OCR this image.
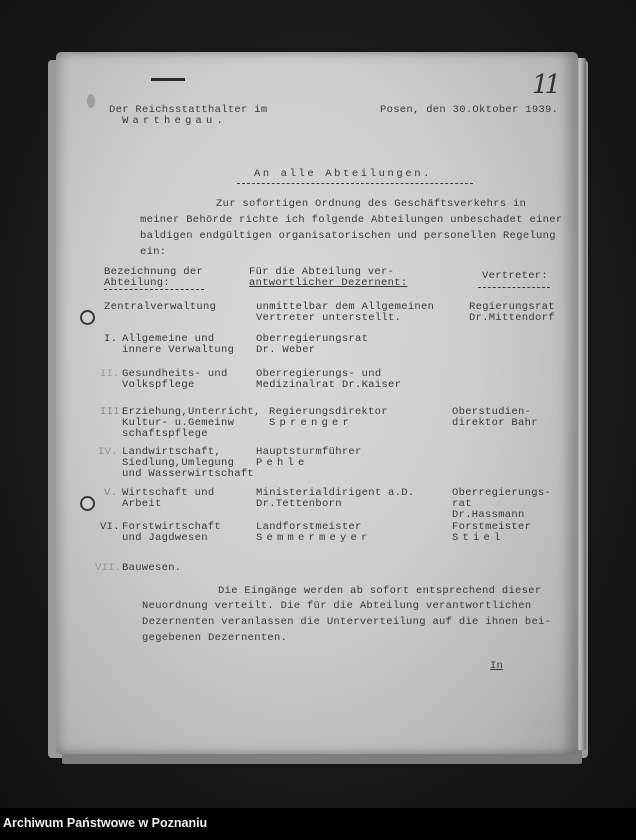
11
Der Reichsstatthalter im
Warthegau.
Posen, den 30.Oktober 1939.
An alle Abteilungen.
Zur sofortigen Ordnung des Geschäftsverkehrs in
meiner Behörde richte ich folgende Abteilungen unbeschadet einer
baldigen endgültigen organisatorischen und personellen Regelung
ein:
Bezeichnung der
Abteilung:
Für die Abteilung ver-
antwortlicher Dezernent:
Vertreter:
Zentralverwaltung	unmittelbar dem Allgemeinen
Vertreter unterstellt.
Regierungsrat
Dr.Mittendorf
I. Allgemeine und
innere Verwaltung
Oberregierungsrat
Dr. Weber
II. Gesundheits- und
Volkspflege
Oberregierungs- und
Medizinalrat Dr.Kaiser
III.
Erziehung,Unterricht,
Kultur- u.Gemeinw
schaftspflege
Regierungsdirektor
Sprenger
Oberstudien-
direktor Bahr
IV. Landwirtschaft,
Siedlung,Umlegung
und Wasserwirtschaft
Hauptsturmführer
Pehle
V. Wirtschaft und
Arbeit
Ministerialdirigent a.D.
Dr.Tettenborn
Oberregierungs-
rat
Dr.Hassmann
VI. Forstwirtschaft
und Jagdwesen
Landforstmeister
Semmermeyer
Forstmeister
Stiel
VII. Bauwesen.
Die Eingänge werden ab sofort entsprechend dieser
Neuordnung verteilt. Die für die Abteilung verantwortlichen
Dezernenten veranlassen die Unterverteilung auf die ihnen bei-
gegebenen Dezernenten.
In
Archiwum Państwowe w Poznaniu
